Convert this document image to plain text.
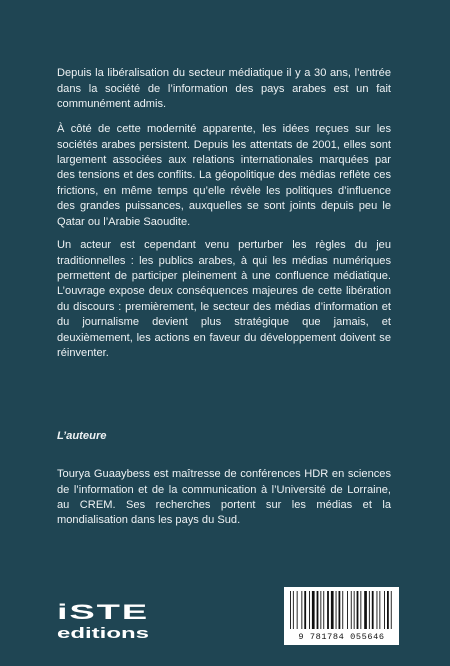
Depuis la libéralisation du secteur médiatique il y a 30 ans, l’entrée dans la société de l’information des pays arabes est un fait communément admis.

À côté de cette modernité apparente, les idées reçues sur les sociétés arabes persistent. Depuis les attentats de 2001, elles sont largement associées aux relations internationales marquées par des tensions et des conflits. La géopolitique des médias reflète ces frictions, en même temps qu’elle révèle les politiques d’influence des grandes puissances, auxquelles se sont joints depuis peu le Qatar ou l’Arabie Saoudite.

Un acteur est cependant venu perturber les règles du jeu traditionnelles : les publics arabes, à qui les médias numériques permettent de participer pleinement à une confluence médiatique. L’ouvrage expose deux conséquences majeures de cette libération du discours : premièrement, le secteur des médias d’information et du journalisme devient plus stratégique que jamais, et deuxièmement, les actions en faveur du développement doivent se réinventer.

L’auteure

Tourya Guaaybess est maîtresse de conférences HDR en sciences de l’information et de la communication à l’Université de Lorraine, au CREM. Ses recherches portent sur les médias et la mondialisation dans les pays du Sud.

iSTE
editions	9 781784 055646
